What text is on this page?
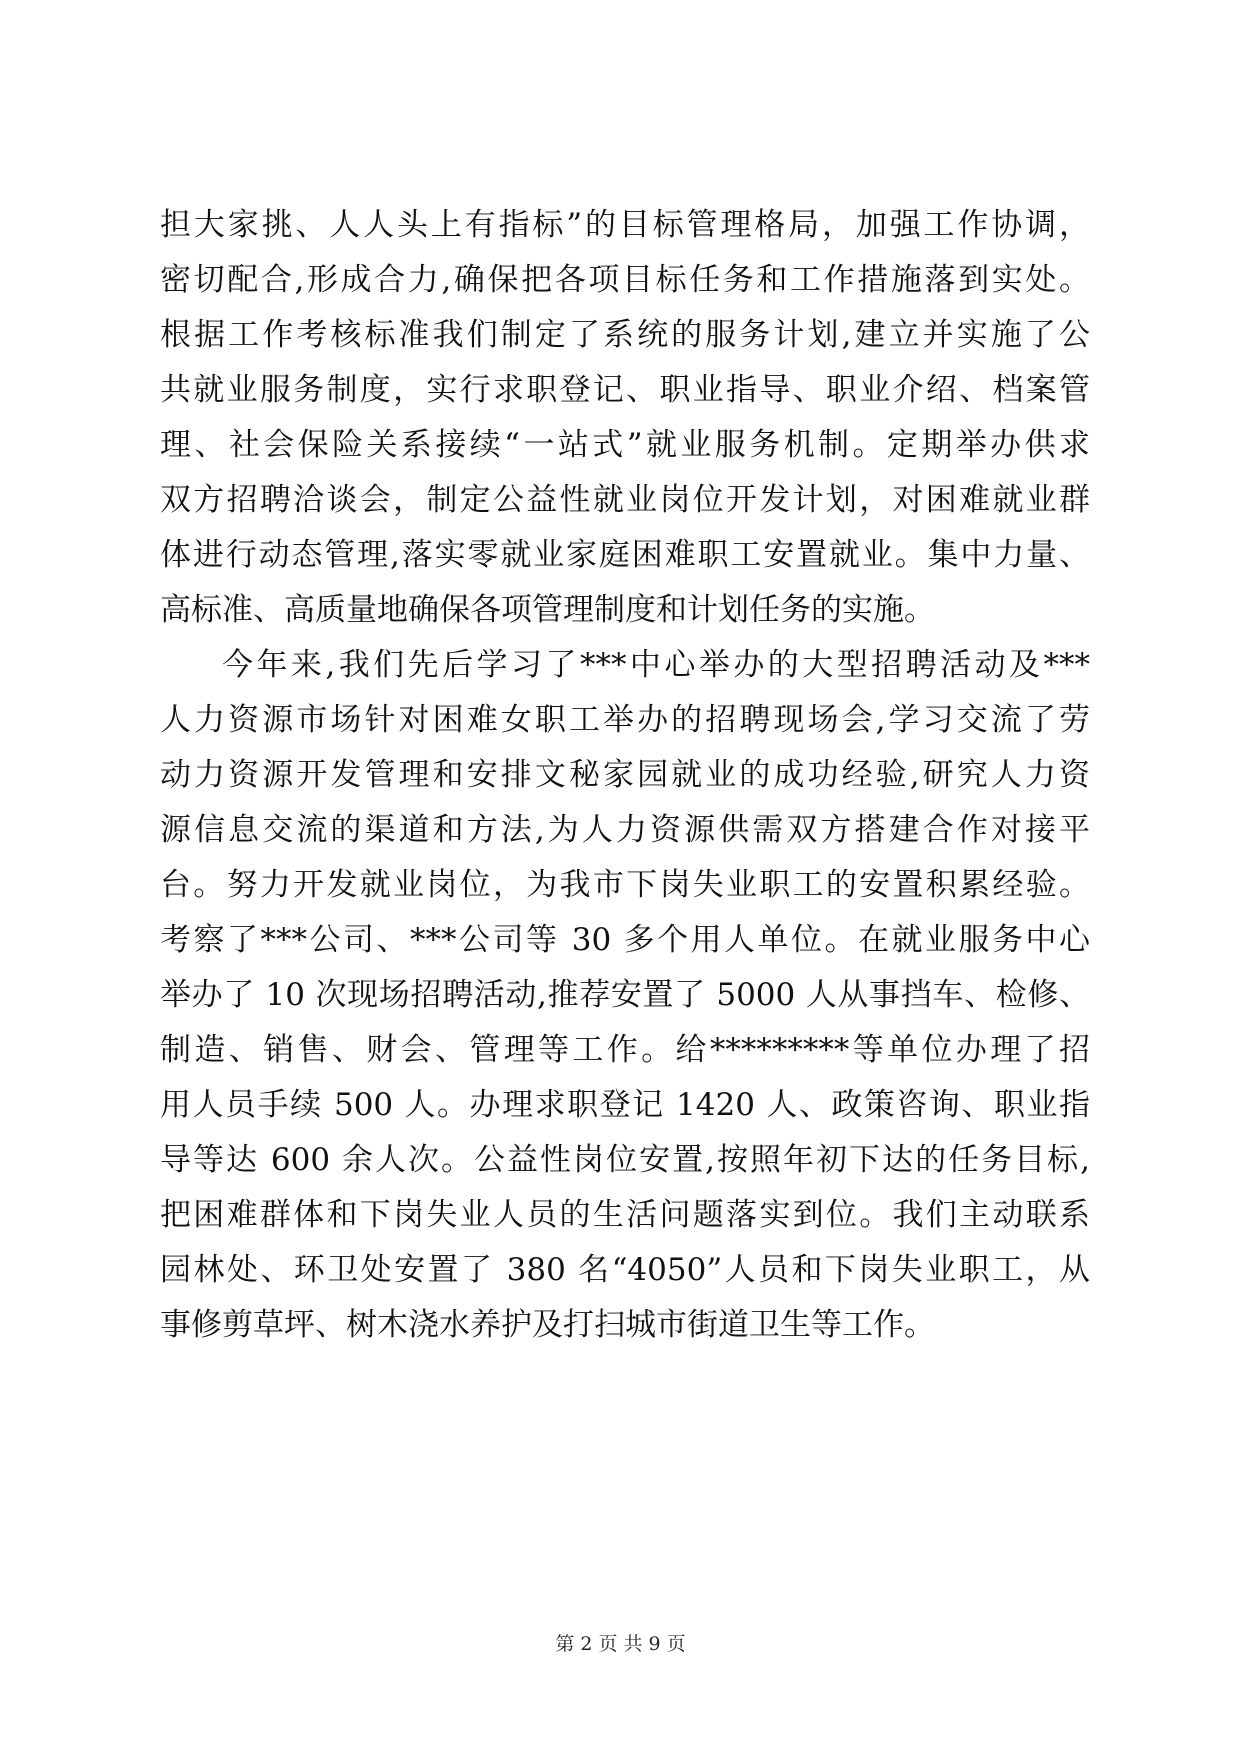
担大家挑、人人头上有指标”的目标管理格局，加强工作协调，
密切配合,形成合力,确保把各项目标任务和工作措施落到实处。
根据工作考核标准我们制定了系统的服务计划,建立并实施了公
共就业服务制度，实行求职登记、职业指导、职业介绍、档案管
理、社会保险关系接续“一站式”就业服务机制。定期举办供求
双方招聘洽谈会，制定公益性就业岗位开发计划，对困难就业群
体进行动态管理,落实零就业家庭困难职工安置就业。集中力量、
高标准、高质量地确保各项管理制度和计划任务的实施。
今年来,我们先后学习了***中心举办的大型招聘活动及***
人力资源市场针对困难女职工举办的招聘现场会,学习交流了劳
动力资源开发管理和安排文秘家园就业的成功经验,研究人力资
源信息交流的渠道和方法,为人力资源供需双方搭建合作对接平
台。努力开发就业岗位，为我市下岗失业职工的安置积累经验。
考察了***公司、***公司等 30 多个用人单位。在就业服务中心
举办了 10 次现场招聘活动,推荐安置了 5000 人从事挡车、检修、
制造、销售、财会、管理等工作。给*********等单位办理了招
用人员手续 500 人。办理求职登记 1420 人、政策咨询、职业指
导等达 600 余人次。公益性岗位安置,按照年初下达的任务目标,
把困难群体和下岗失业人员的生活问题落实到位。我们主动联系
园林处、环卫处安置了 380 名“4050”人员和下岗失业职工，从
事修剪草坪、树木浇水养护及打扫城市街道卫生等工作。
第 2 页 共 9 页
